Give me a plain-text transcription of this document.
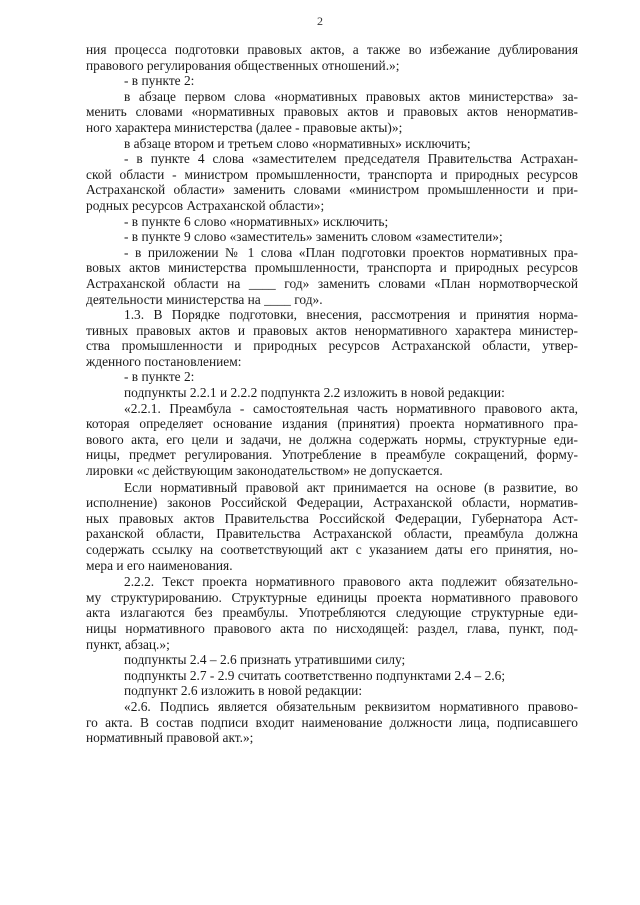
2
ния процесса подготовки правовых актов, а также во избежание дублирования
правового регулирования общественных отношений.»;
- в пункте 2:
в абзаце первом слова «нормативных правовых актов министерства» за-
менить словами «нормативных правовых актов и правовых актов ненорматив-
ного характера министерства (далее - правовые акты)»;
в абзаце втором и третьем слово «нормативных» исключить;
- в пункте 4 слова «заместителем председателя Правительства Астрахан-
ской области - министром промышленности, транспорта и природных ресурсов
Астраханской области» заменить словами «министром промышленности и при-
родных ресурсов Астраханской области»;
- в пункте 6 слово «нормативных» исключить;
- в пункте 9 слово «заместитель» заменить словом «заместители»;
- в приложении № 1 слова «План подготовки проектов нормативных пра-
вовых актов министерства промышленности, транспорта и природных ресурсов
Астраханской области на ____ год» заменить словами «План нормотворческой
деятельности министерства на ____ год».
1.3. В Порядке подготовки, внесения, рассмотрения и принятия норма-
тивных правовых актов и правовых актов ненормативного характера министер-
ства промышленности и природных ресурсов Астраханской области, утвер-
жденного постановлением:
- в пункте 2:
подпункты 2.2.1 и 2.2.2 подпункта 2.2 изложить в новой редакции:
«2.2.1. Преамбула - самостоятельная часть нормативного правового акта,
которая определяет основание издания (принятия) проекта нормативного пра-
вового акта, его цели и задачи, не должна содержать нормы, структурные еди-
ницы, предмет регулирования. Употребление в преамбуле сокращений, форму-
лировки «с действующим законодательством» не допускается.
Если нормативный правовой акт принимается на основе (в развитие, во
исполнение) законов Российской Федерации, Астраханской области, норматив-
ных правовых актов Правительства Российской Федерации, Губернатора Аст-
раханской области, Правительства Астраханской области, преамбула должна
содержать ссылку на соответствующий акт с указанием даты его принятия, но-
мера и его наименования.
2.2.2. Текст проекта нормативного правового акта подлежит обязательно-
му структурированию. Структурные единицы проекта нормативного правового
акта излагаются без преамбулы. Употребляются следующие структурные еди-
ницы нормативного правового акта по нисходящей: раздел, глава, пункт, под-
пункт, абзац.»;
подпункты 2.4 – 2.6 признать утратившими силу;
подпункты 2.7 - 2.9 считать соответственно подпунктами 2.4 – 2.6;
подпункт 2.6 изложить в новой редакции:
«2.6. Подпись является обязательным реквизитом нормативного правово-
го акта. В состав подписи входит наименование должности лица, подписавшего
нормативный правовой акт.»;
